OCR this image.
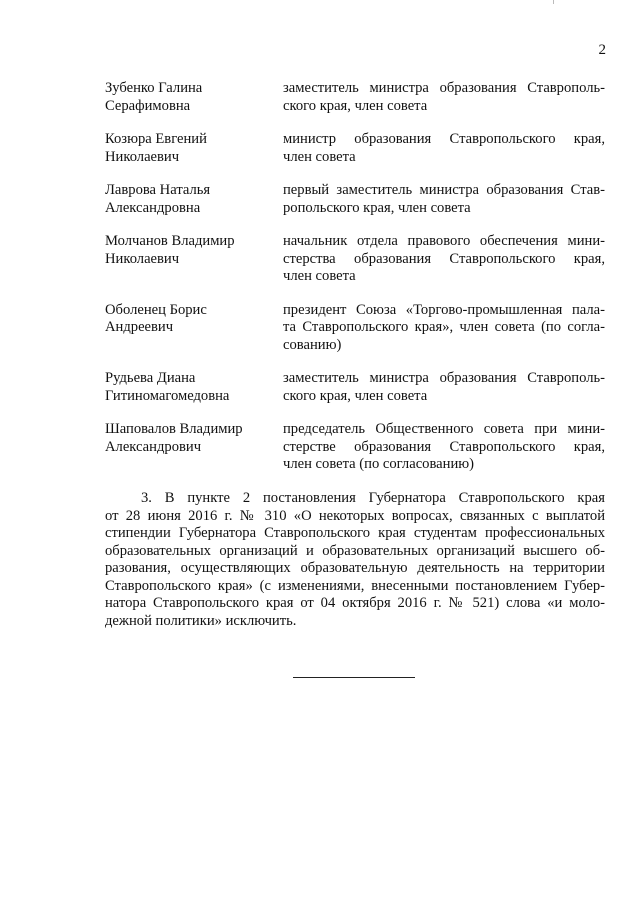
2
Зубенко Галина
Серафимовна
заместитель министра образования Ставрополь-
ского края, член совета
Козюра Евгений
Николаевич
министр образования Ставропольского края,
член совета
Лаврова Наталья
Александровна
первый заместитель министра образования Став-
ропольского края, член совета
Молчанов Владимир
Николаевич
начальник отдела правового обеспечения мини-
стерства образования Ставропольского края,
член совета
Оболенец Борис
Андреевич
президент Союза «Торгово-промышленная пала-
та Ставропольского края», член совета (по согла-
сованию)
Рудьева Диана
Гитиномагомедовна
заместитель министра образования Ставрополь-
ского края, член совета
Шаповалов Владимир
Александрович
председатель Общественного совета при мини-
стерстве образования Ставропольского края,
член совета (по согласованию)
3. В пункте 2 постановления Губернатора Ставропольского края
от 28 июня 2016 г. № 310 «О некоторых вопросах, связанных с выплатой
стипендии Губернатора Ставропольского края студентам профессиональных
образовательных организаций и образовательных организаций высшего об-
разования, осуществляющих образовательную деятельность на территории
Ставропольского края» (с изменениями, внесенными постановлением Губер-
натора Ставропольского края от 04 октября 2016 г. № 521) слова «и моло-
дежной политики» исключить.
